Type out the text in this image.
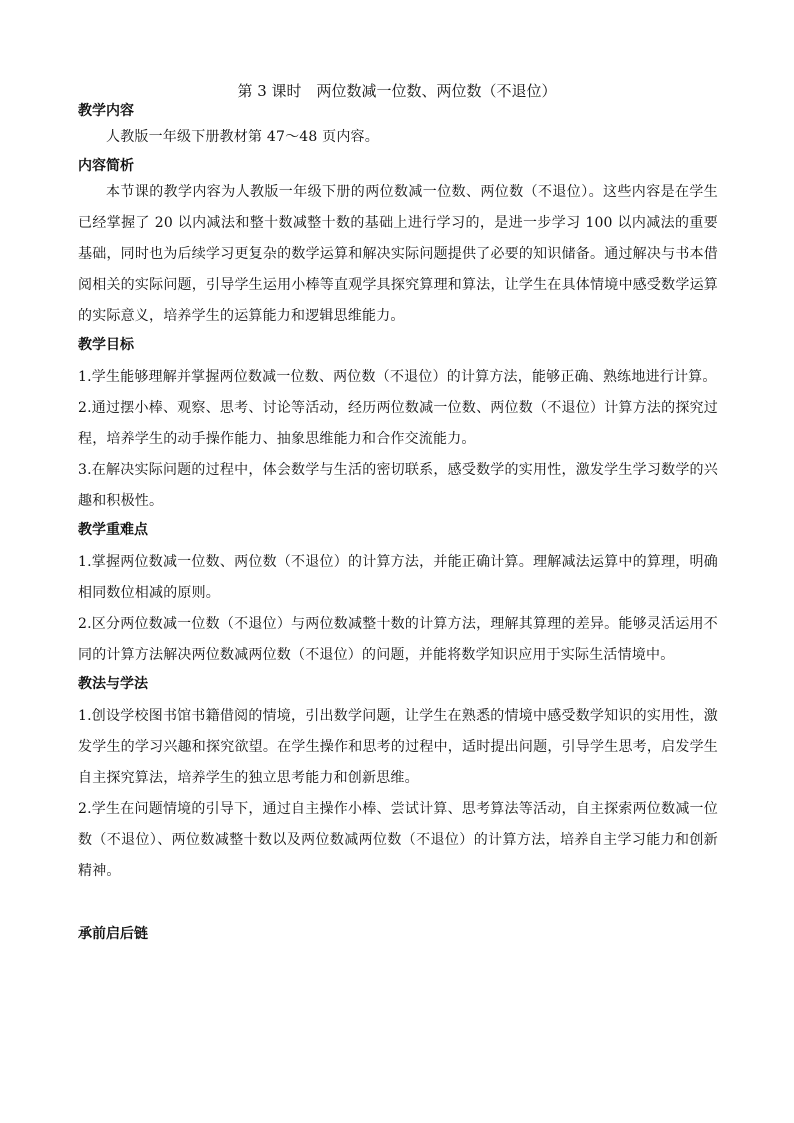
第 3 课时　两位数减一位数、两位数（不退位）
教学内容

人教版一年级下册教材第 47～48 页内容。

内容简析

本节课的教学内容为人教版一年级下册的两位数减一位数、两位数（不退位）。这些内容是在学生已经掌握了 20 以内减法和整十数减整十数的基础上进行学习的，是进一步学习 100 以内减法的重要基础，同时也为后续学习更复杂的数学运算和解决实际问题提供了必要的知识储备。通过解决与书本借阅相关的实际问题，引导学生运用小棒等直观学具探究算理和算法，让学生在具体情境中感受数学运算的实际意义，培养学生的运算能力和逻辑思维能力。

教学目标

1.学生能够理解并掌握两位数减一位数、两位数（不退位）的计算方法，能够正确、熟练地进行计算。

2.通过摆小棒、观察、思考、讨论等活动，经历两位数减一位数、两位数（不退位）计算方法的探究过程，培养学生的动手操作能力、抽象思维能力和合作交流能力。

3.在解决实际问题的过程中，体会数学与生活的密切联系，感受数学的实用性，激发学生学习数学的兴趣和积极性。

教学重难点

1.掌握两位数减一位数、两位数（不退位）的计算方法，并能正确计算。理解减法运算中的算理，明确相同数位相减的原则。

2.区分两位数减一位数（不退位）与两位数减整十数的计算方法，理解其算理的差异。能够灵活运用不同的计算方法解决两位数减两位数（不退位）的问题，并能将数学知识应用于实际生活情境中。

教法与学法

1.创设学校图书馆书籍借阅的情境，引出数学问题，让学生在熟悉的情境中感受数学知识的实用性，激发学生的学习兴趣和探究欲望。在学生操作和思考的过程中，适时提出问题，引导学生思考，启发学生自主探究算法，培养学生的独立思考能力和创新思维。

2.学生在问题情境的引导下，通过自主操作小棒、尝试计算、思考算法等活动，自主探索两位数减一位数（不退位）、两位数减整十数以及两位数减两位数（不退位）的计算方法，培养自主学习能力和创新精神。

承前启后链
